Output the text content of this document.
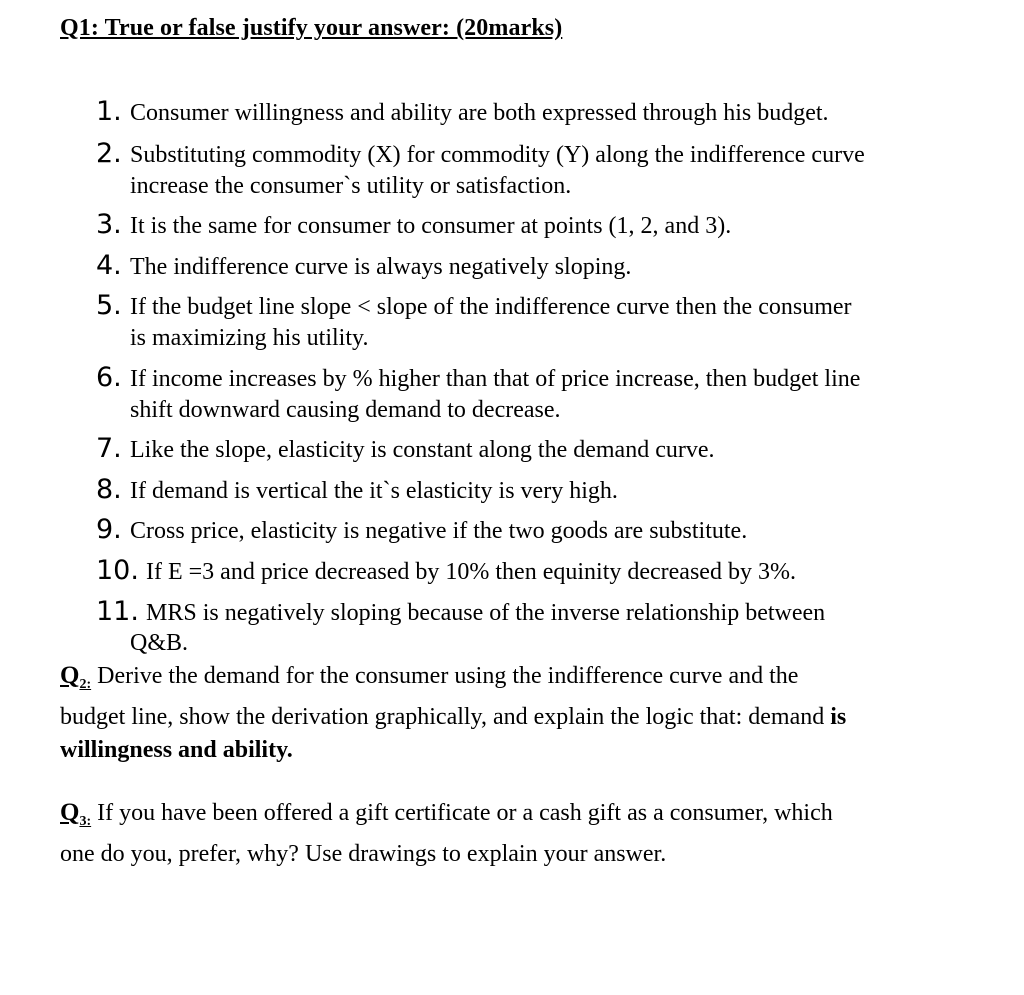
Q1: True or false justify your answer: (20marks)
1. Consumer willingness and ability are both expressed through his budget.
2. Substituting commodity (X) for commodity (Y) along the indifference curve
increase the consumer`s utility or satisfaction.
3. It is the same for consumer to consumer at points (1, 2, and 3).
4. The indifference curve is always negatively sloping.
5. If the budget line slope < slope of the indifference curve then the consumer
is maximizing his utility.
6. If income increases by % higher than that of price increase, then budget line
shift downward causing demand to decrease.
7. Like the slope, elasticity is constant along the demand curve.
8. If demand is vertical the it`s elasticity is very high.
9. Cross price, elasticity is negative if the two goods are substitute.
10. If E =3 and price decreased by 10% then equinity decreased by 3%.
11. MRS is negatively sloping because of the inverse relationship between
Q&B.
$Q_{2:}$ Derive the demand for the consumer using the indifference curve and the
budget line, show the derivation graphically, and explain the logic that: demand is
willingness and ability.
$Q_{3:}$ If you have been offered a gift certificate or a cash gift as a consumer, which
one do you, prefer, why? Use drawings to explain your answer.
